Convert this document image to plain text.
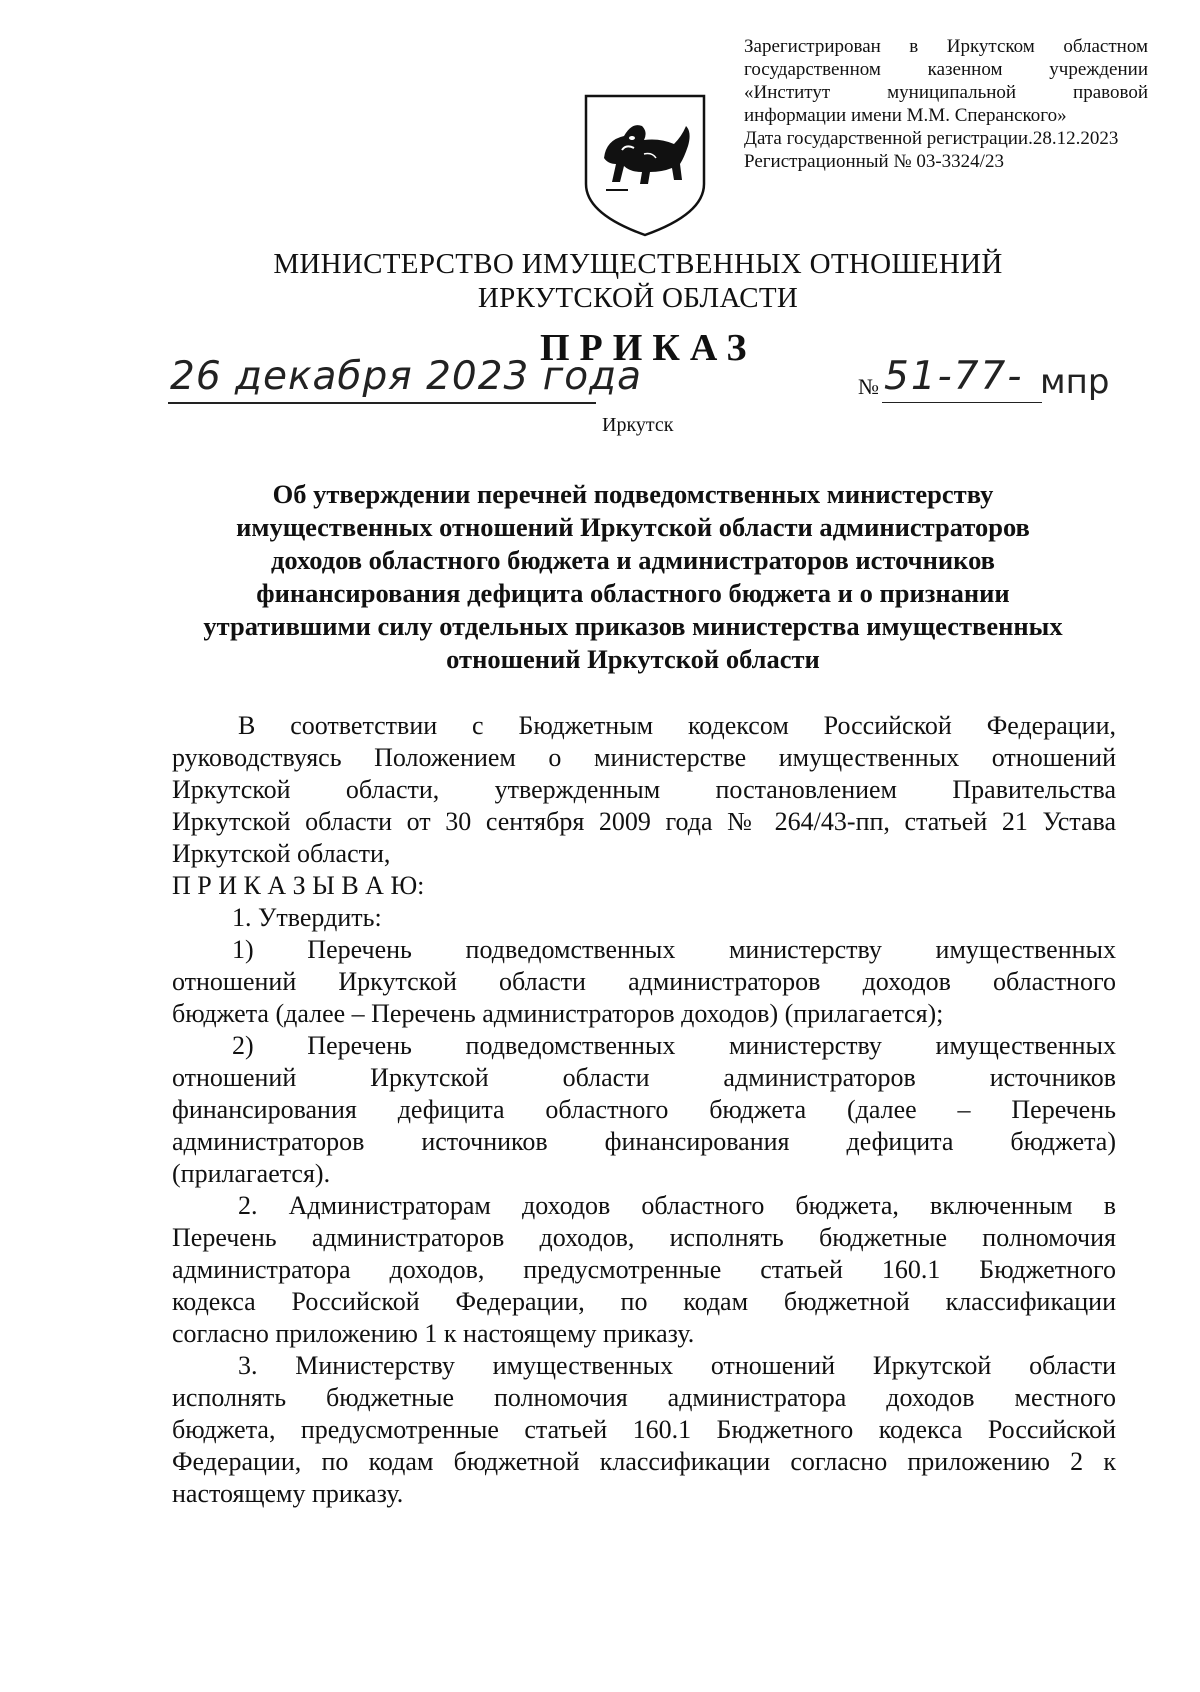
Зарегистрирован в Иркутском областном
государственном казенном учреждении
«Институт муниципальной правовой
информации имени М.М. Сперанского»
Дата государственной регистрации.28.12.2023
Регистрационный № 03-3324/23
МИНИСТЕРСТВО ИМУЩЕСТВЕННЫХ ОТНОШЕНИЙ
ИРКУТСКОЙ ОБЛАСТИ
ПРИКАЗ
26 декабря 2023 года	№ 51-77- мпр
Иркутск
Об утверждении перечней подведомственных министерству
имущественных отношений Иркутской области администраторов
доходов областного бюджета и администраторов источников
финансирования дефицита областного бюджета и о признании
утратившими силу отдельных приказов министерства имущественных
отношений Иркутской области
В соответствии с Бюджетным кодексом Российской Федерации,
руководствуясь Положением о министерстве имущественных отношений
Иркутской области, утвержденным постановлением Правительства
Иркутской области от 30 сентября 2009 года № 264/43-пп, статьей 21 Устава
Иркутской области,
П Р И К А З Ы В А Ю:
1. Утвердить:
1) Перечень подведомственных министерству имущественных
отношений Иркутской области администраторов доходов областного
бюджета (далее – Перечень администраторов доходов) (прилагается);
2) Перечень подведомственных министерству имущественных
отношений Иркутской области администраторов источников
финансирования дефицита областного бюджета (далее – Перечень
администраторов источников финансирования дефицита бюджета)
(прилагается).
2. Администраторам доходов областного бюджета, включенным в
Перечень администраторов доходов, исполнять бюджетные полномочия
администратора доходов, предусмотренные статьей 160.1 Бюджетного
кодекса Российской Федерации, по кодам бюджетной классификации
согласно приложению 1 к настоящему приказу.
3. Министерству имущественных отношений Иркутской области
исполнять бюджетные полномочия администратора доходов местного
бюджета, предусмотренные статьей 160.1 Бюджетного кодекса Российской
Федерации, по кодам бюджетной классификации согласно приложению 2 к
настоящему приказу.
